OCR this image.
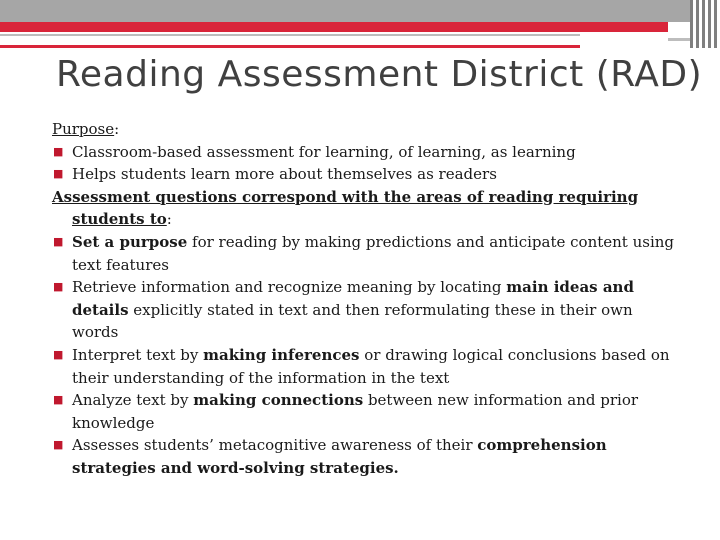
Reading Assessment District (RAD)

Purpose:

■ Classroom-based assessment for learning, of learning, as learning
■ Helps students learn more about themselves as readers

Assessment questions correspond with the areas of reading requiring students to:

■ Set a purpose for reading by making predictions and anticipate content using text features
■ Retrieve information and recognize meaning by locating main ideas and details explicitly stated in text and then reformulating these in their own words
■ Interpret text by making inferences or drawing logical conclusions based on their understanding of the information in the text
■ Analyze text by making connections between new information and prior knowledge
■ Assesses students’ metacognitive awareness of their comprehension strategies and word-solving strategies.
